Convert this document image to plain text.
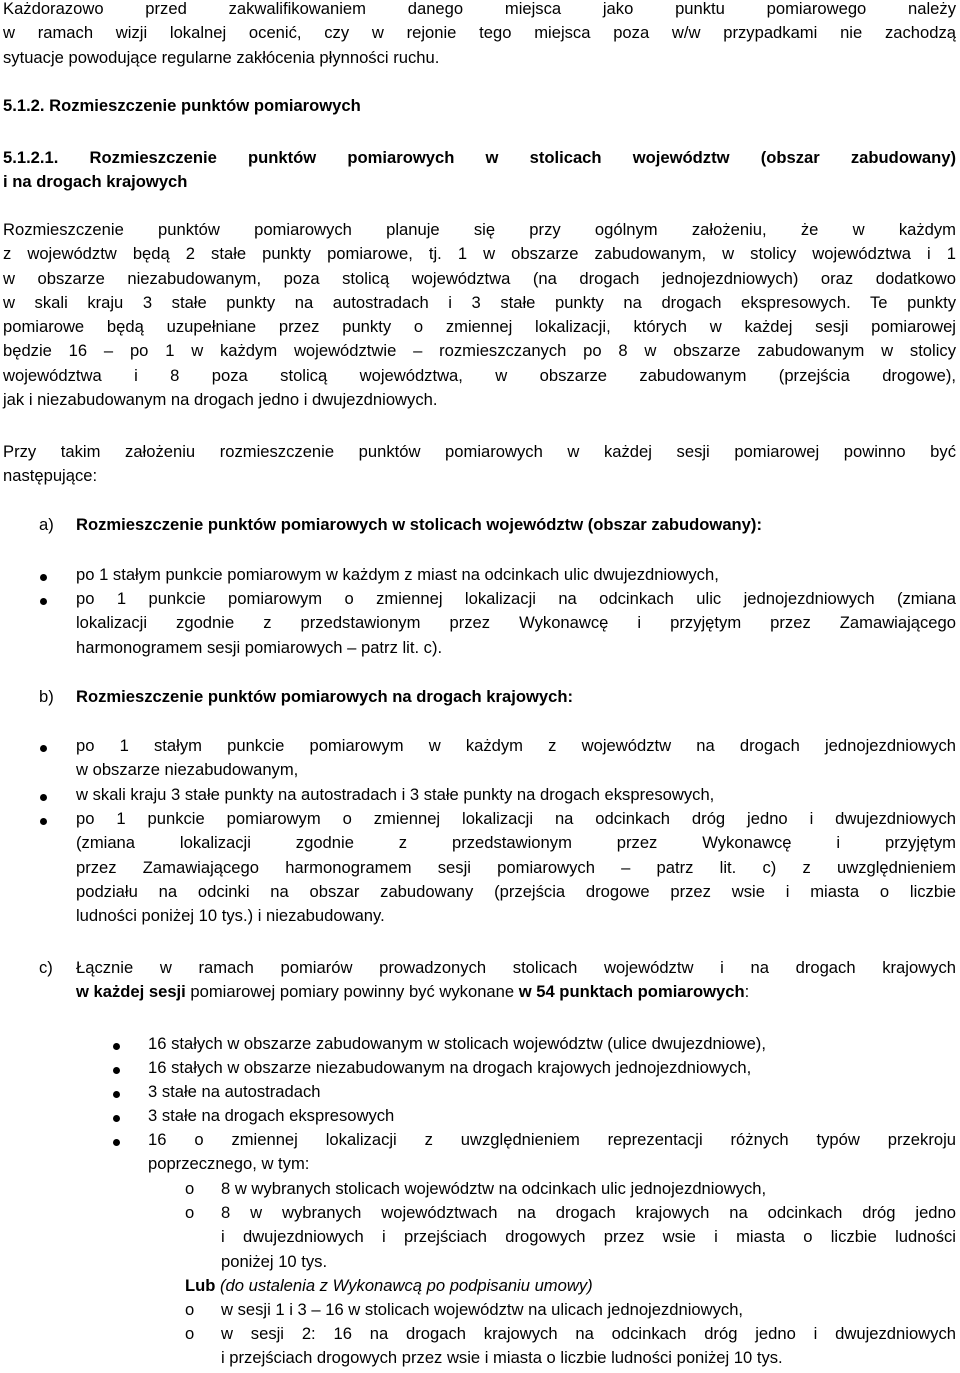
Każdorazowo przed zakwalifikowaniem danego miejsca jako punktu pomiarowego należy

w ramach wizji lokalnej ocenić, czy w rejonie tego miejsca poza w/w przypadkami nie zachodzą

sytuacje powodujące regularne zakłócenia płynności ruchu.

5.1.2. Rozmieszczenie punktów pomiarowych

5.1.2.1. Rozmieszczenie punktów pomiarowych w stolicach województw (obszar zabudowany)

i na drogach krajowych

Rozmieszczenie punktów pomiarowych planuje się przy ogólnym założeniu, że w każdym

z województw będą 2 stałe punkty pomiarowe, tj. 1 w obszarze zabudowanym, w stolicy województwa i 1

w obszarze niezabudowanym, poza stolicą województwa (na drogach jednojezdniowych) oraz dodatkowo

w skali kraju 3 stałe punkty na autostradach i 3 stałe punkty na drogach ekspresowych. Te punkty

pomiarowe będą uzupełniane przez punkty o zmiennej lokalizacji, których w każdej sesji pomiarowej

będzie 16 – po 1 w każdym województwie – rozmieszczanych po 8 w obszarze zabudowanym w stolicy

województwa i 8 poza stolicą województwa, w obszarze zabudowanym (przejścia drogowe),

jak i niezabudowanym na drogach jedno i dwujezdniowych.

Przy takim założeniu rozmieszczenie punktów pomiarowych w każdej sesji pomiarowej powinno być

następujące:

a) Rozmieszczenie punktów pomiarowych w stolicach województw (obszar zabudowany):
po 1 stałym punkcie pomiarowym w każdym z miast na odcinkach ulic dwujezdniowych,

po 1 punkcie pomiarowym o zmiennej lokalizacji na odcinkach ulic jednojezdniowych (zmiana

lokalizacji zgodnie z przedstawionym przez Wykonawcę i przyjętym przez Zamawiającego

harmonogramem sesji pomiarowych – patrz lit. c).

b) Rozmieszczenie punktów pomiarowych na drogach krajowych:

po 1 stałym punkcie pomiarowym w każdym z województw na drogach jednojezdniowych

w obszarze niezabudowanym,

w skali kraju 3 stałe punkty na autostradach i 3 stałe punkty na drogach ekspresowych,

po 1 punkcie pomiarowym o zmiennej lokalizacji na odcinkach dróg jedno i dwujezdniowych

(zmiana lokalizacji zgodnie z przedstawionym przez Wykonawcę i przyjętym

przez Zamawiającego harmonogramem sesji pomiarowych – patrz lit. c) z uwzględnieniem

podziału na odcinki na obszar zabudowany (przejścia drogowe przez wsie i miasta o liczbie

ludności poniżej 10 tys.) i niezabudowany.

c) Łącznie w ramach pomiarów prowadzonych stolicach województw i na drogach krajowych

w każdej sesji pomiarowej pomiary powinny być wykonane w 54 punktach pomiarowych:

16 stałych w obszarze zabudowanym w stolicach województw (ulice dwujezdniowe),
16 stałych w obszarze niezabudowanym na drogach krajowych jednojezdniowych,
3 stałe na autostradach
3 stałe na drogach ekspresowych

16 o zmiennej lokalizacji z uwzględnieniem reprezentacji różnych typów przekroju

poprzecznego, w tym:

o 8 w wybranych stolicach województw na odcinkach ulic jednojezdniowych,
o 8 w wybranych województwach na drogach krajowych na odcinkach dróg jedno

i dwujezdniowych i przejściach drogowych przez wsie i miasta o liczbie ludności

poniżej 10 tys.

Lub (do ustalenia z Wykonawcą po podpisaniu umowy)
o w sesji 1 i 3 – 16 w stolicach województw na ulicach jednojezdniowych,
o w sesji 2: 16 na drogach krajowych na odcinkach dróg jedno i dwujezdniowych

i przejściach drogowych przez wsie i miasta o liczbie ludności poniżej 10 tys.
